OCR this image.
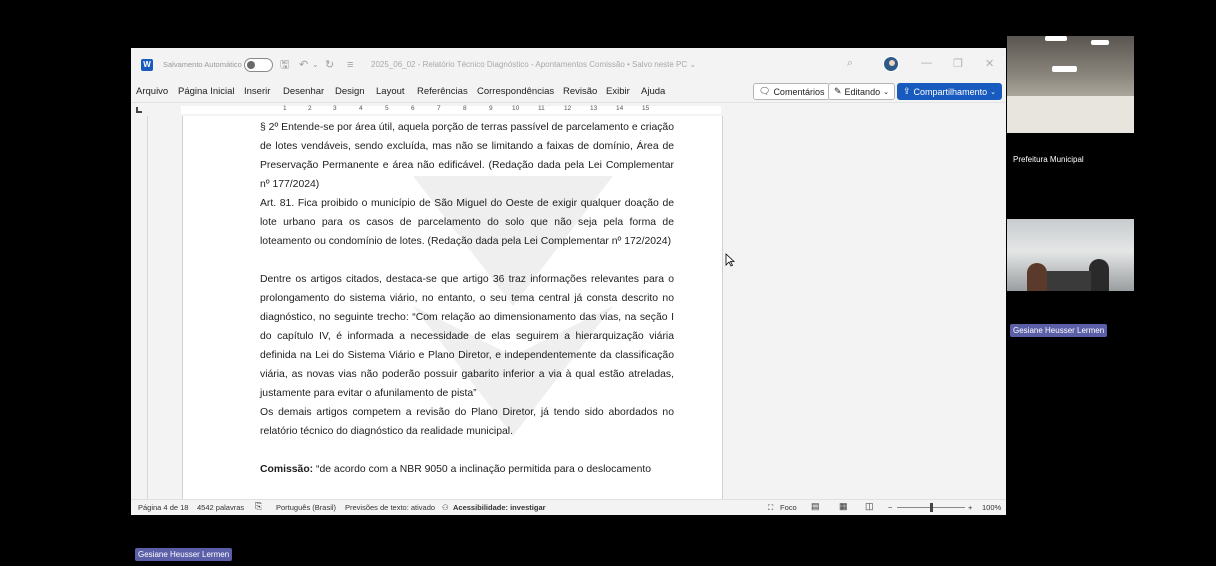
W Salvamento Automático	🖫 ↶ ⌄ ↻ ≡ 2025_06_02 - Relatório Técnico Diagnóstico - Apontamentos Comissão • Salvo neste PC ⌄	⌕	— ❐ ✕
Arquivo Página Inicial Inserir Desenhar Design Layout Referências Correspondências Revisão Exibir Ajuda	🗨 Comentários ✎ Editando ⌄ ⇪ Compartilhamento ⌄
1	2	3	4	5	6	7	8	9	10	11	12	13	14	15
§ 2º Entende-se por área útil, aquela porção de terras passível de parcelamento e criação de lotes vendáveis, sendo excluída, mas não se limitando a faixas de domínio, Área de Preservação Permanente e área não edificável. (Redação dada pela Lei Complementar nº 177/2024)
Art. 81. Fica proibido o município de São Miguel do Oeste de exigir qualquer doação de lote urbano para os casos de parcelamento do solo que não seja pela forma de loteamento ou condomínio de lotes. (Redação dada pela Lei Complementar nº 172/2024)
Dentre os artigos citados, destaca-se que artigo 36 traz informações relevantes para o prolongamento do sistema viário, no entanto, o seu tema central já consta descrito no diagnóstico, no seguinte trecho: “Com relação ao dimensionamento das vias, na seção I do capítulo IV, é informada a necessidade de elas seguirem a hierarquização viária definida na Lei do Sistema Viário e Plano Diretor, e independentemente da classificação viária, as novas vias não poderão possuir gabarito inferior a via à qual estão atreladas, justamente para evitar o afunilamento de pista”
Os demais artigos competem a revisão do Plano Diretor, já tendo sido abordados no relatório técnico do diagnóstico da realidade municipal.
Comissão: “de acordo com a NBR 9050 a inclinação permitida para o deslocamento
Página 4 de 18 4542 palavras ⎘ Português (Brasil) Previsões de texto: ativado ⚇ Acessibilidade: investigar	⛶ Foco ▤ ▦ ◫ −	+ 100%
Prefeitura Municipal
Gesiane Heusser Lermen
Gesiane Heusser Lermen
